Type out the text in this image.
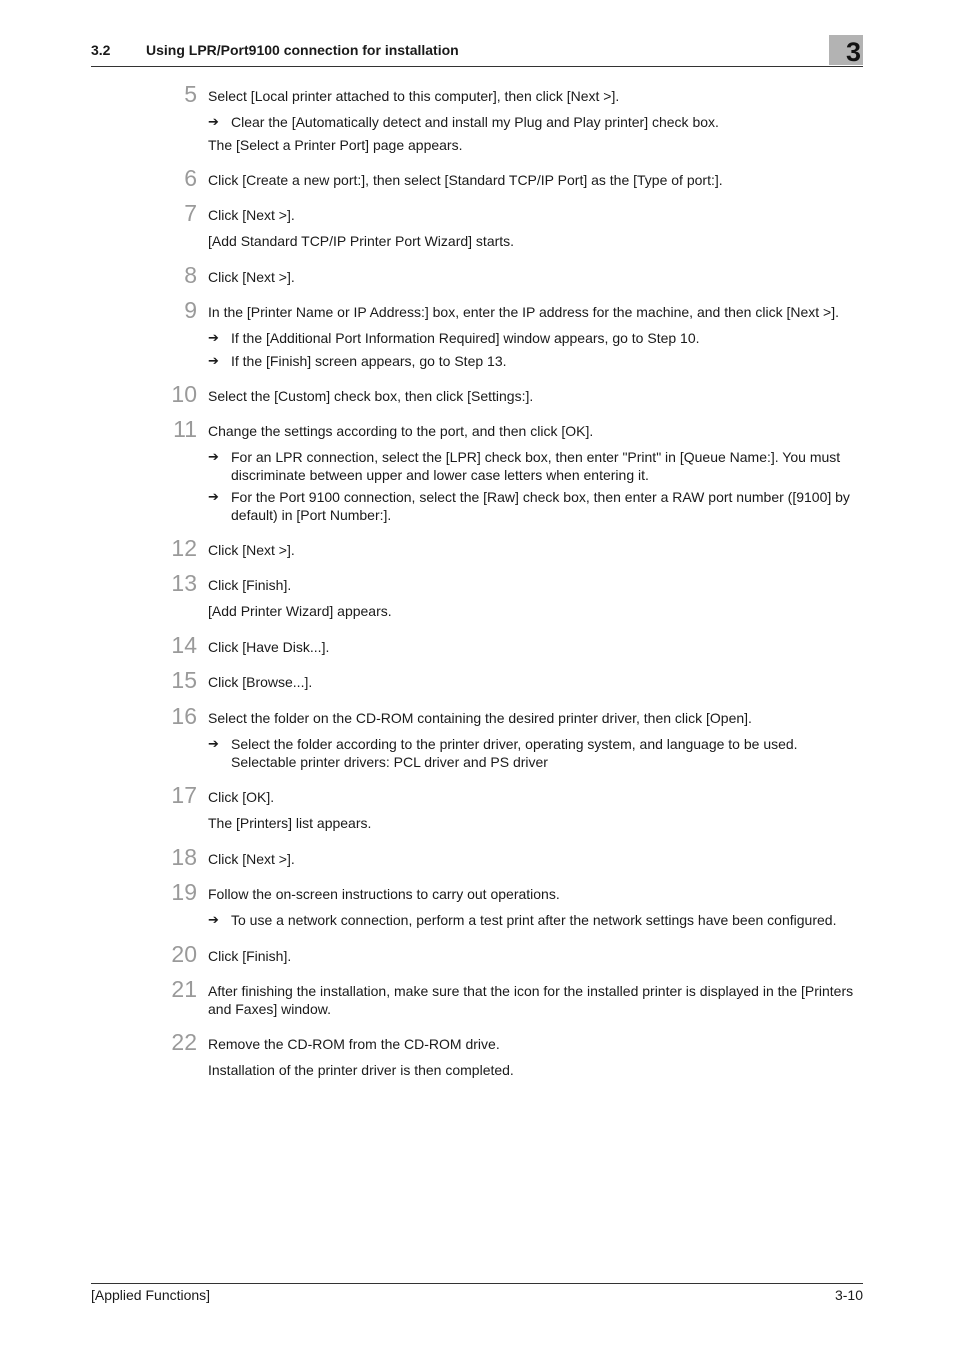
3.2	Using LPR/Port9100 connection for installation	3
5 Select [Local printer attached to this computer], then click [Next >].
➔ Clear the [Automatically detect and install my Plug and Play printer] check box.
The [Select a Printer Port] page appears.
6 Click [Create a new port:], then select [Standard TCP/IP Port] as the [Type of port:].
7 Click [Next >].
[Add Standard TCP/IP Printer Port Wizard] starts.
8 Click [Next >].
9 In the [Printer Name or IP Address:] box, enter the IP address for the machine, and then click [Next >].
➔ If the [Additional Port Information Required] window appears, go to Step 10.
➔ If the [Finish] screen appears, go to Step 13.
10 Select the [Custom] check box, then click [Settings:].
11 Change the settings according to the port, and then click [OK].
➔ For an LPR connection, select the [LPR] check box, then enter "Print" in [Queue Name:]. You must discriminate between upper and lower case letters when entering it.
➔ For the Port 9100 connection, select the [Raw] check box, then enter a RAW port number ([9100] by default) in [Port Number:].
12 Click [Next >].
13 Click [Finish].
[Add Printer Wizard] appears.
14 Click [Have Disk...].
15 Click [Browse...].
16 Select the folder on the CD-ROM containing the desired printer driver, then click [Open].
➔ Select the folder according to the printer driver, operating system, and language to be used. Selectable printer drivers: PCL driver and PS driver
17 Click [OK].
The [Printers] list appears.
18 Click [Next >].
19 Follow the on-screen instructions to carry out operations.
➔ To use a network connection, perform a test print after the network settings have been configured.
20 Click [Finish].
21 After finishing the installation, make sure that the icon for the installed printer is displayed in the [Printers and Faxes] window.
22 Remove the CD-ROM from the CD-ROM drive.
Installation of the printer driver is then completed.
[Applied Functions]	3-10
